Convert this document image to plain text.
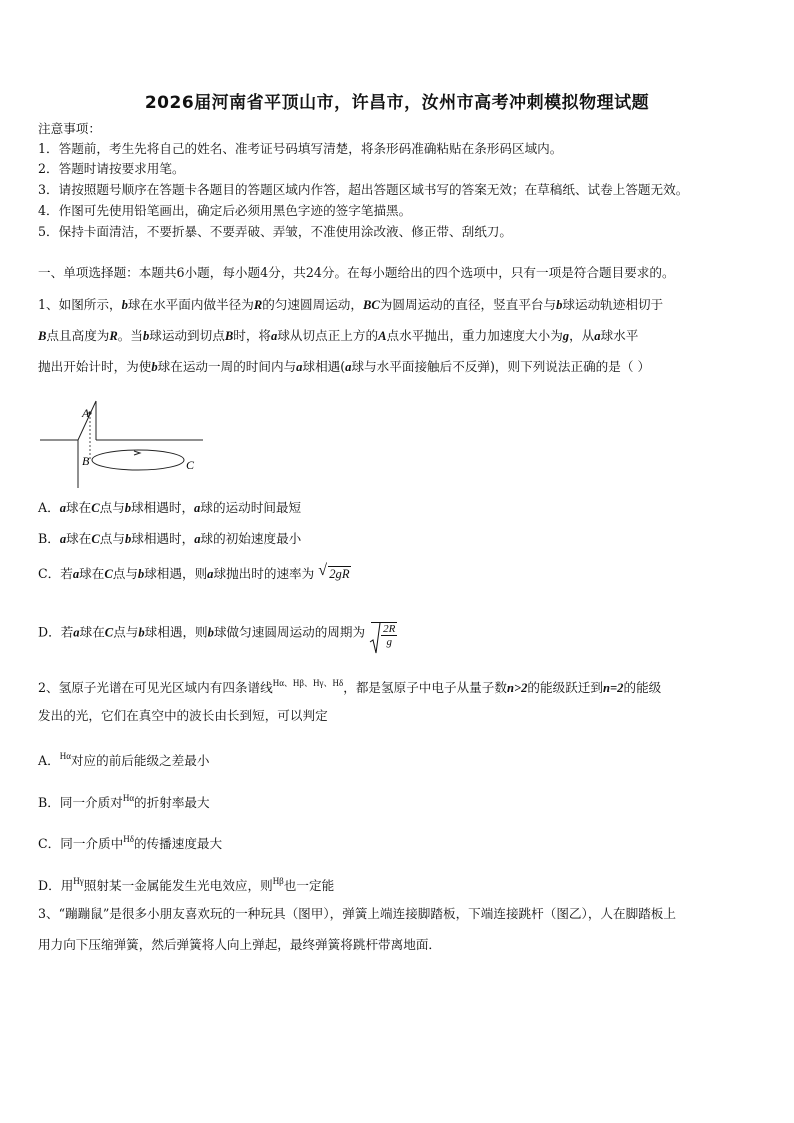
2026届河南省平顶山市，许昌市，汝州市高考冲刺模拟物理试题
注意事项：
1．答题前，考生先将自己的姓名、准考证号码填写清楚，将条形码准确粘贴在条形码区域内。
2．答题时请按要求用笔。
3．请按照题号顺序在答题卡各题目的答题区域内作答，超出答题区域书写的答案无效；在草稿纸、试卷上答题无效。
4．作图可先使用铅笔画出，确定后必须用黑色字迹的签字笔描黑。
5．保持卡面清洁，不要折暴、不要弄破、弄皱，不准使用涂改液、修正带、刮纸刀。
一、单项选择题：本题共6小题，每小题4分，共24分。在每小题给出的四个选项中，只有一项是符合题目要求的。
1、如图所示，b球在水平面内做半径为R的匀速圆周运动，BC为圆周运动的直径，竖直平台与b球运动轨迹相切于
B点且高度为R。当b球运动到切点B时，将a球从切点正上方的A点水平抛出，重力加速度大小为g，从a球水平
抛出开始计时，为使b球在运动一周的时间内与a球相遇(a球与水平面接触后不反弹)，则下列说法正确的是（ ）
A
B	C
A．a球在C点与b球相遇时，a球的运动时间最短
B．a球在C点与b球相遇时，a球的初始速度最小
C．若a球在C点与b球相遇，则a球抛出时的速率为 √ 2gR
D．若a球在C点与b球相遇，则b球做匀速圆周运动的周期为 $\frac{2R}{g}$
2、氢原子光谱在可见光区域内有四条谱线$^{H\alpha、H\beta、H\gamma、H\delta}$，都是氢原子中电子从量子数n>2的能级跃迁到n=2的能级
发出的光，它们在真空中的波长由长到短，可以判定
A．$^{H\alpha}$对应的前后能级之差最小
B．同一介质对$^{H\alpha}$的折射率最大
C．同一介质中$^{H\delta}$的传播速度最大
D．用$^{H\gamma}$照射某一金属能发生光电效应，则$^{H\beta}$也一定能
3、“蹦蹦鼠”是很多小朋友喜欢玩的一种玩具（图甲），弹簧上端连接脚踏板，下端连接跳杆（图乙），人在脚踏板上
用力向下压缩弹簧，然后弹簧将人向上弹起，最终弹簧将跳杆带离地面．
